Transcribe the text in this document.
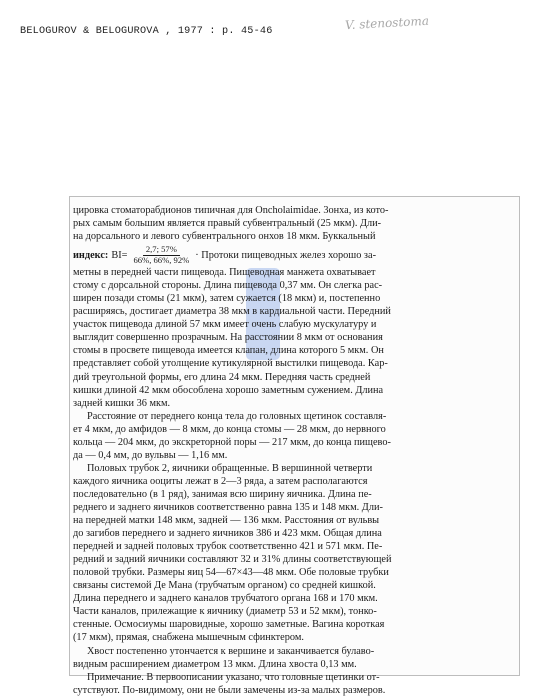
BELOGUROV & BELOGUROVA , 1977 : p. 45-46	V. stenostoma
цировка стоматорабдионов типичная для Oncholaimidae. 3онха, из кото-
рых самым большим является правый субвентральный (25 мкм). Дли-
на дорсального и левого субвентрального онхов 18 мкм. Буккальный
индекс: $BI= \frac{2,7; 57\%}{66\%, 66\%, 92\%}$ · Протоки пищеводных желез хорошо за-
метны в передней части пищевода. Пищеводная манжета охватывает
стому с дорсальной стороны. Длина пищевода 0,37 мм. Он слегка рас-
ширен позади стомы (21 мкм), затем сужается (18 мкм) и, постепенно
расширяясь, достигает диаметра 38 мкм в кардиальной части. Передний
участок пищевода длиной 57 мкм имеет очень слабую мускулатуру и
выглядит совершенно прозрачным. На расстоянии 8 мкм от основания
стомы в просвете пищевода имеется клапан, длина которого 5 мкм. Он
представляет собой утолщение кутикулярной выстилки пищевода. Кар-
дий треугольной формы, его длина 24 мкм. Передняя часть средней
кишки длиной 42 мкм обособлена хорошо заметным сужением. Длина
задней кишки 36 мкм.
Расстояние от переднего конца тела до головных щетинок составля-
ет 4 мкм, до амфидов — 8 мкм, до конца стомы — 28 мкм, до нервного
кольца — 204 мкм, до экскреторной поры — 217 мкм, до конца пищево-
да — 0,4 мм, до вульвы — 1,16 мм.
Половых трубок 2, яичники обращенные. В вершинной четверти
каждого яичника ооциты лежат в 2—3 ряда, а затем располагаются
последовательно (в 1 ряд), занимая всю ширину яичника. Длина пе-
реднего и заднего яичников соответственно равна 135 и 148 мкм. Дли-
на передней матки 148 мкм, задней — 136 мкм. Расстояния от вульвы
до загибов переднего и заднего яичников 386 и 423 мкм. Общая длина
передней и задней половых трубок соответственно 421 и 571 мкм. Пе-
редний и задний яичники составляют 32 и 31% длины соответствующей
половой трубки. Размеры яиц 54—67×43—48 мкм. Обе половые трубки
связаны системой Де Мана (трубчатым органом) со средней кишкой.
Длина переднего и заднего каналов трубчатого органа 168 и 170 мкм.
Части каналов, прилежащие к яичнику (диаметр 53 и 52 мкм), тонко-
стенные. Осмосиумы шаровидные, хорошо заметные. Вагина короткая
(17 мкм), прямая, снабжена мышечным сфинктером.
Хвост постепенно утончается к вершине и заканчивается булаво-
видным расширением диаметром 13 мкм. Длина хвоста 0,13 мм.
Примечание. В первоописании указано, что головные щетинки от-
сутствуют. По-видимому, они не были замечены из-за малых размеров.
